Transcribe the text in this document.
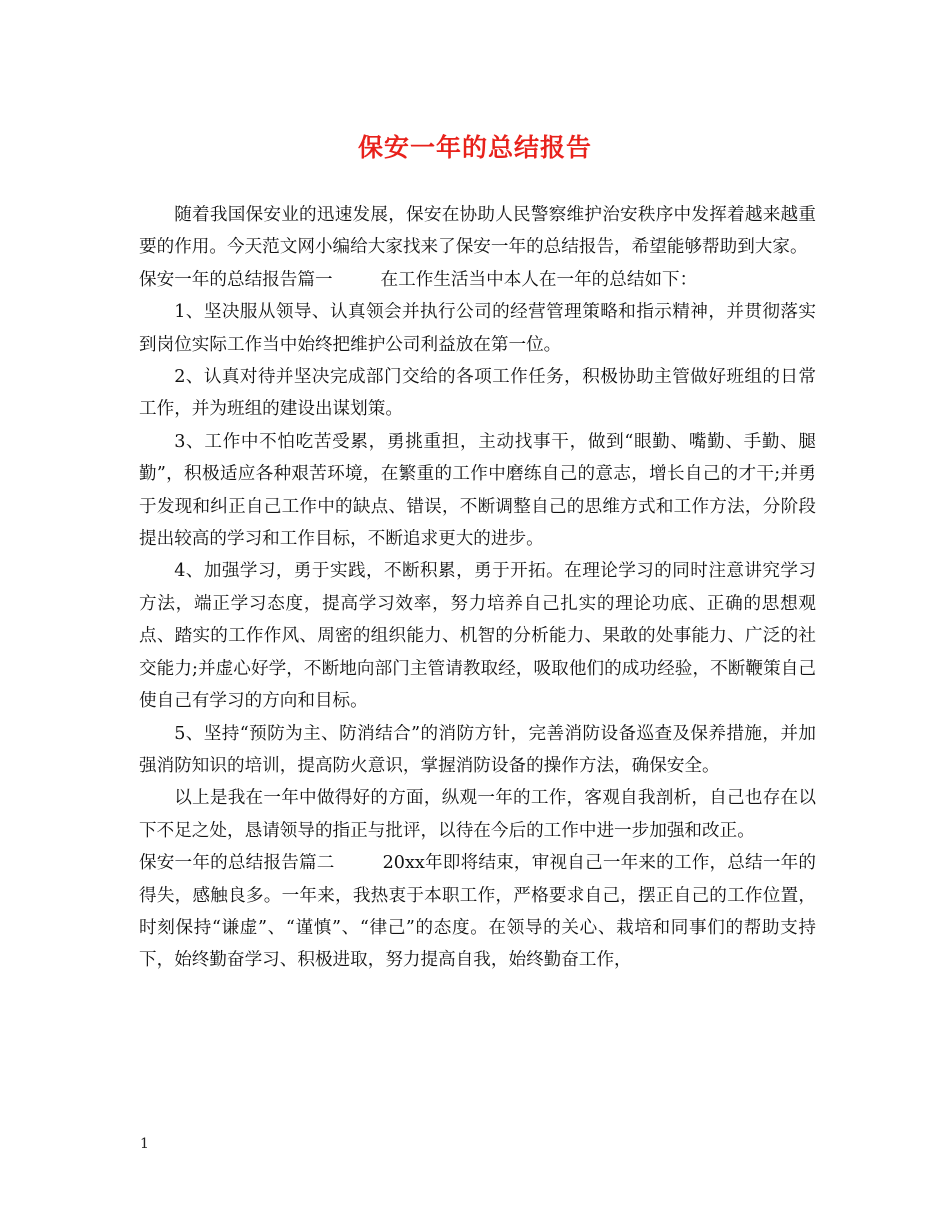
保安一年的总结报告

随着我国保安业的迅速发展，保安在协助人民警察维护治安秩序中发挥着越来越重要的作用。今天范文网小编给大家找来了保安一年的总结报告，希望能够帮助到大家。

保安一年的总结报告篇一	在工作生活当中本人在一年的总结如下：

1、坚决服从领导、认真领会并执行公司的经营管理策略和指示精神，并贯彻落实到岗位实际工作当中始终把维护公司利益放在第一位。

2、认真对待并坚决完成部门交给的各项工作任务，积极协助主管做好班组的日常工作，并为班组的建设出谋划策。

3、工作中不怕吃苦受累，勇挑重担，主动找事干，做到“眼勤、嘴勤、手勤、腿勤”，积极适应各种艰苦环境，在繁重的工作中磨练自己的意志，增长自己的才干;并勇于发现和纠正自己工作中的缺点、错误，不断调整自己的思维方式和工作方法，分阶段提出较高的学习和工作目标，不断追求更大的进步。

4、加强学习，勇于实践，不断积累，勇于开拓。在理论学习的同时注意讲究学习方法，端正学习态度，提高学习效率，努力培养自己扎实的理论功底、正确的思想观点、踏实的工作作风、周密的组织能力、机智的分析能力、果敢的处事能力、广泛的社交能力;并虚心好学，不断地向部门主管请教取经，吸取他们的成功经验，不断鞭策自己使自己有学习的方向和目标。

5、坚持“预防为主、防消结合”的消防方针，完善消防设备巡查及保养措施，并加强消防知识的培训，提高防火意识，掌握消防设备的操作方法，确保安全。

以上是我在一年中做得好的方面，纵观一年的工作，客观自我剖析，自己也存在以下不足之处，恳请领导的指正与批评，以待在今后的工作中进一步加强和改正。

保安一年的总结报告篇二	20xx年即将结束，审视自己一年来的工作，总结一年的得失，感触良多。一年来，我热衷于本职工作，严格要求自己，摆正自己的工作位置，时刻保持“谦虚”、“谨慎”、“律己”的态度。在领导的关心、栽培和同事们的帮助支持下，始终勤奋学习、积极进取，努力提高自我，始终勤奋工作，

1
